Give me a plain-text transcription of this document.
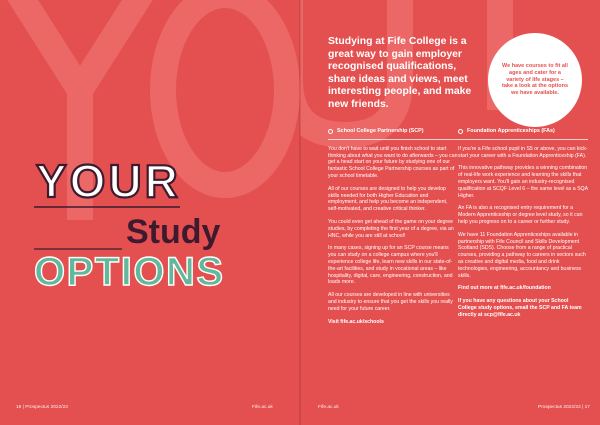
YOUR
Study
OPTIONS
Studying at Fife College is a great way to gain employer recognised qualifications, share ideas and views, meet interesting people, and make new friends.
We have courses to fit all ages and cater for a variety of life stages – take a look at the options we have available.
School College Partnership (SCP)

You don't have to wait until you finish school to start thinking about what you want to do afterwards – you can get a head start on your future by studying one of our fantastic School College Partnership courses as part of your school timetable.

All of our courses are designed to help you develop skills needed for both Higher Education and employment, and help you become an independent, self-motivated, and creative critical thinker.

You could even get ahead of the game on your degree studies, by completing the first year of a degree, via an HNC, while you are still at school!

In many cases, signing up for an SCP course means you can study on a college campus where you'll experience college life, learn new skills in our state-of-the-art facilities, and study in vocational areas – like hospitality, digital, care, engineering, construction, and loads more.

All our courses are developed in line with universities and industry to ensure that you get the skills you really need for your future career.

Visit fife.ac.uk/schools

Foundation Apprenticeships (FAs)

If you're a Fife school pupil in S5 or above, you can kick-start your career with a Foundation Apprenticeship (FA).

This innovative pathway provides a winning combination of real-life work experience and learning the skills that employers want. You'll gain an industry-recognised qualification at SCQF Level 6 – the same level as a SQA Higher.

An FA is also a recognised entry requirement for a Modern Apprenticeship or degree level study, so it can help you progress on to a career or further study.

We have 11 Foundation Apprenticeships available in partnership with Fife Council and Skills Development Scotland (SDS). Choose from a range of practical courses, providing a pathway to careers in sectors such as creative and digital media, food and drink technologies, engineering, accountancy and business skills.

Find out more at fife.ac.uk/foundation

If you have any questions about your School College study options, email the SCP and FA team directly at scp@fife.ac.uk

16 | Prospectus 2022/23	Fife.ac.uk	Fife.ac.uk	Prospectus 2022/23 | 17
